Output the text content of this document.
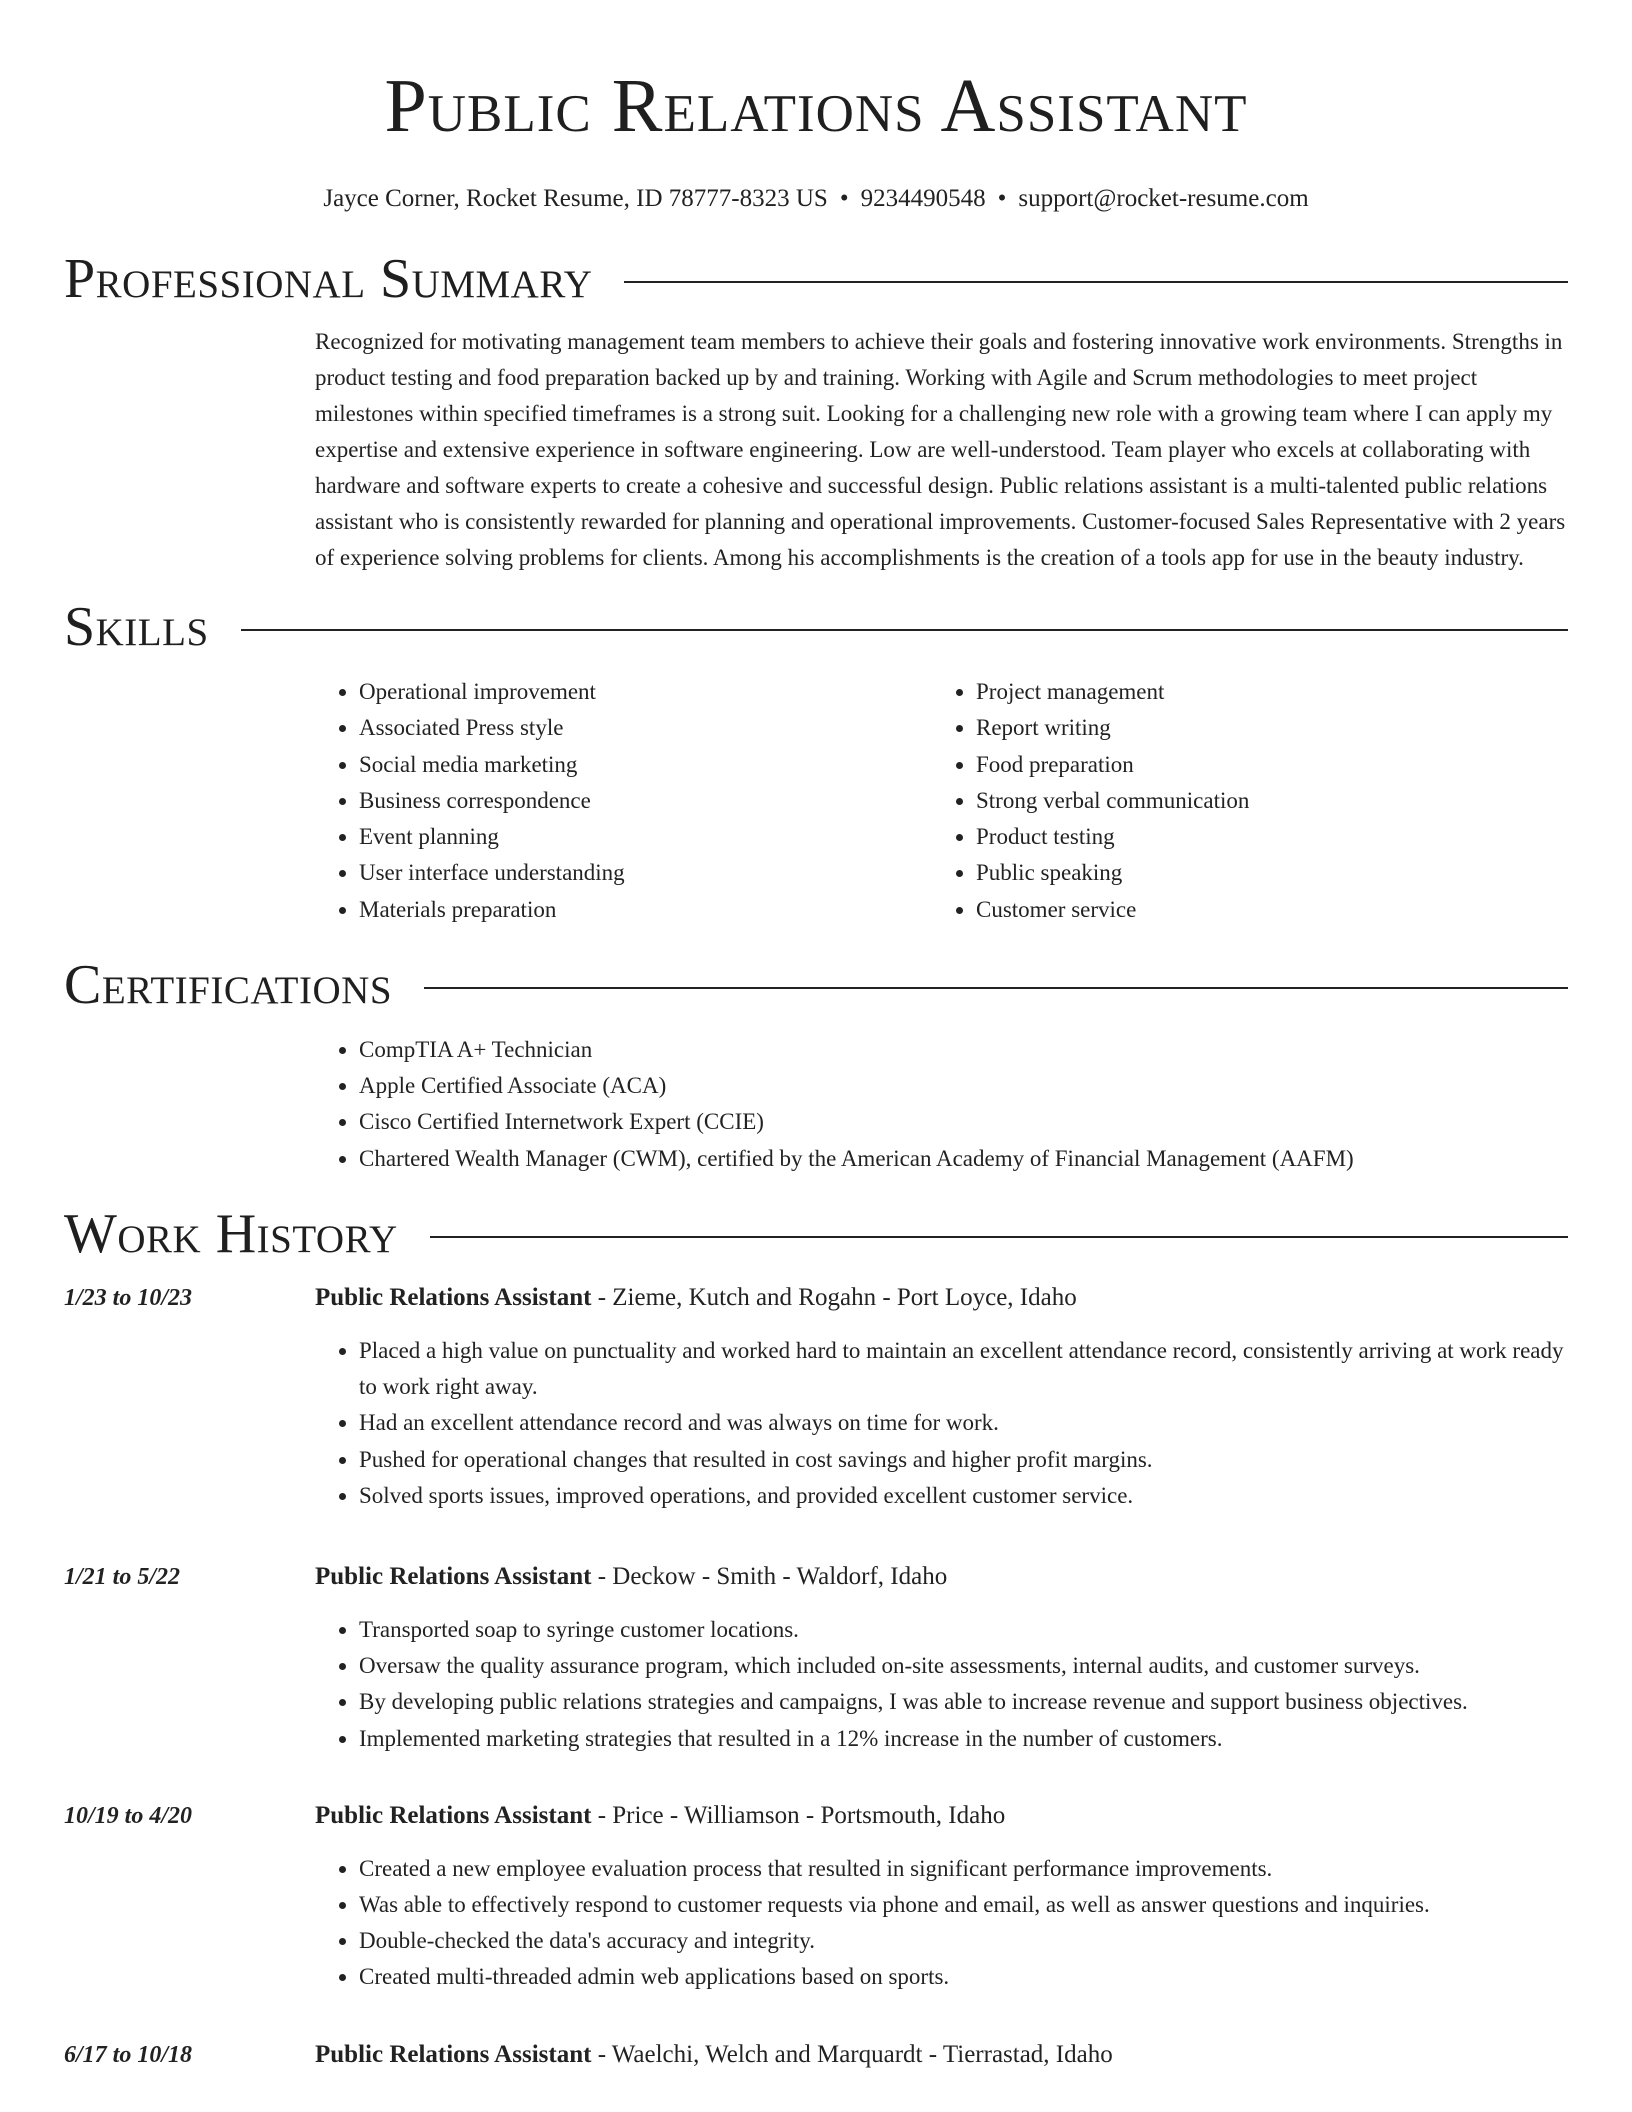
Public Relations Assistant
Jayce Corner, Rocket Resume, ID 78777-8323 US • 9234490548 • support@rocket-resume.com
Professional Summary

Recognized for motivating management team members to achieve their goals and fostering innovative work environments. Strengths in product testing and food preparation backed up by and training. Working with Agile and Scrum methodologies to meet project milestones within specified timeframes is a strong suit. Looking for a challenging new role with a growing team where I can apply my expertise and extensive experience in software engineering. Low are well-understood. Team player who excels at collaborating with hardware and software experts to create a cohesive and successful design. Public relations assistant is a multi-talented public relations assistant who is consistently rewarded for planning and operational improvements. Customer-focused Sales Representative with 2 years of experience solving problems for clients. Among his accomplishments is the creation of a tools app for use in the beauty industry.

Skills
• Operational improvement
• Associated Press style
• Social media marketing
• Business correspondence
• Event planning
• User interface understanding
• Materials preparation
• Project management
• Report writing
• Food preparation
• Strong verbal communication
• Product testing
• Public speaking
• Customer service
Certifications
• CompTIA A+ Technician
• Apple Certified Associate (ACA)
• Cisco Certified Internetwork Expert (CCIE)
• Chartered Wealth Manager (CWM), certified by the American Academy of Financial Management (AAFM)
Work History
1/23 to 10/23	Public Relations Assistant - Zieme, Kutch and Rogahn - Port Loyce, Idaho
• Placed a high value on punctuality and worked hard to maintain an excellent attendance record, consistently arriving at work ready to work right away.
• Had an excellent attendance record and was always on time for work.
• Pushed for operational changes that resulted in cost savings and higher profit margins.
• Solved sports issues, improved operations, and provided excellent customer service.
1/21 to 5/22	Public Relations Assistant - Deckow - Smith - Waldorf, Idaho
• Transported soap to syringe customer locations.
• Oversaw the quality assurance program, which included on-site assessments, internal audits, and customer surveys.
• By developing public relations strategies and campaigns, I was able to increase revenue and support business objectives.
• Implemented marketing strategies that resulted in a 12% increase in the number of customers.
10/19 to 4/20	Public Relations Assistant - Price - Williamson - Portsmouth, Idaho
• Created a new employee evaluation process that resulted in significant performance improvements.
• Was able to effectively respond to customer requests via phone and email, as well as answer questions and inquiries.
• Double-checked the data's accuracy and integrity.
• Created multi-threaded admin web applications based on sports.
6/17 to 10/18	Public Relations Assistant - Waelchi, Welch and Marquardt - Tierrastad, Idaho
